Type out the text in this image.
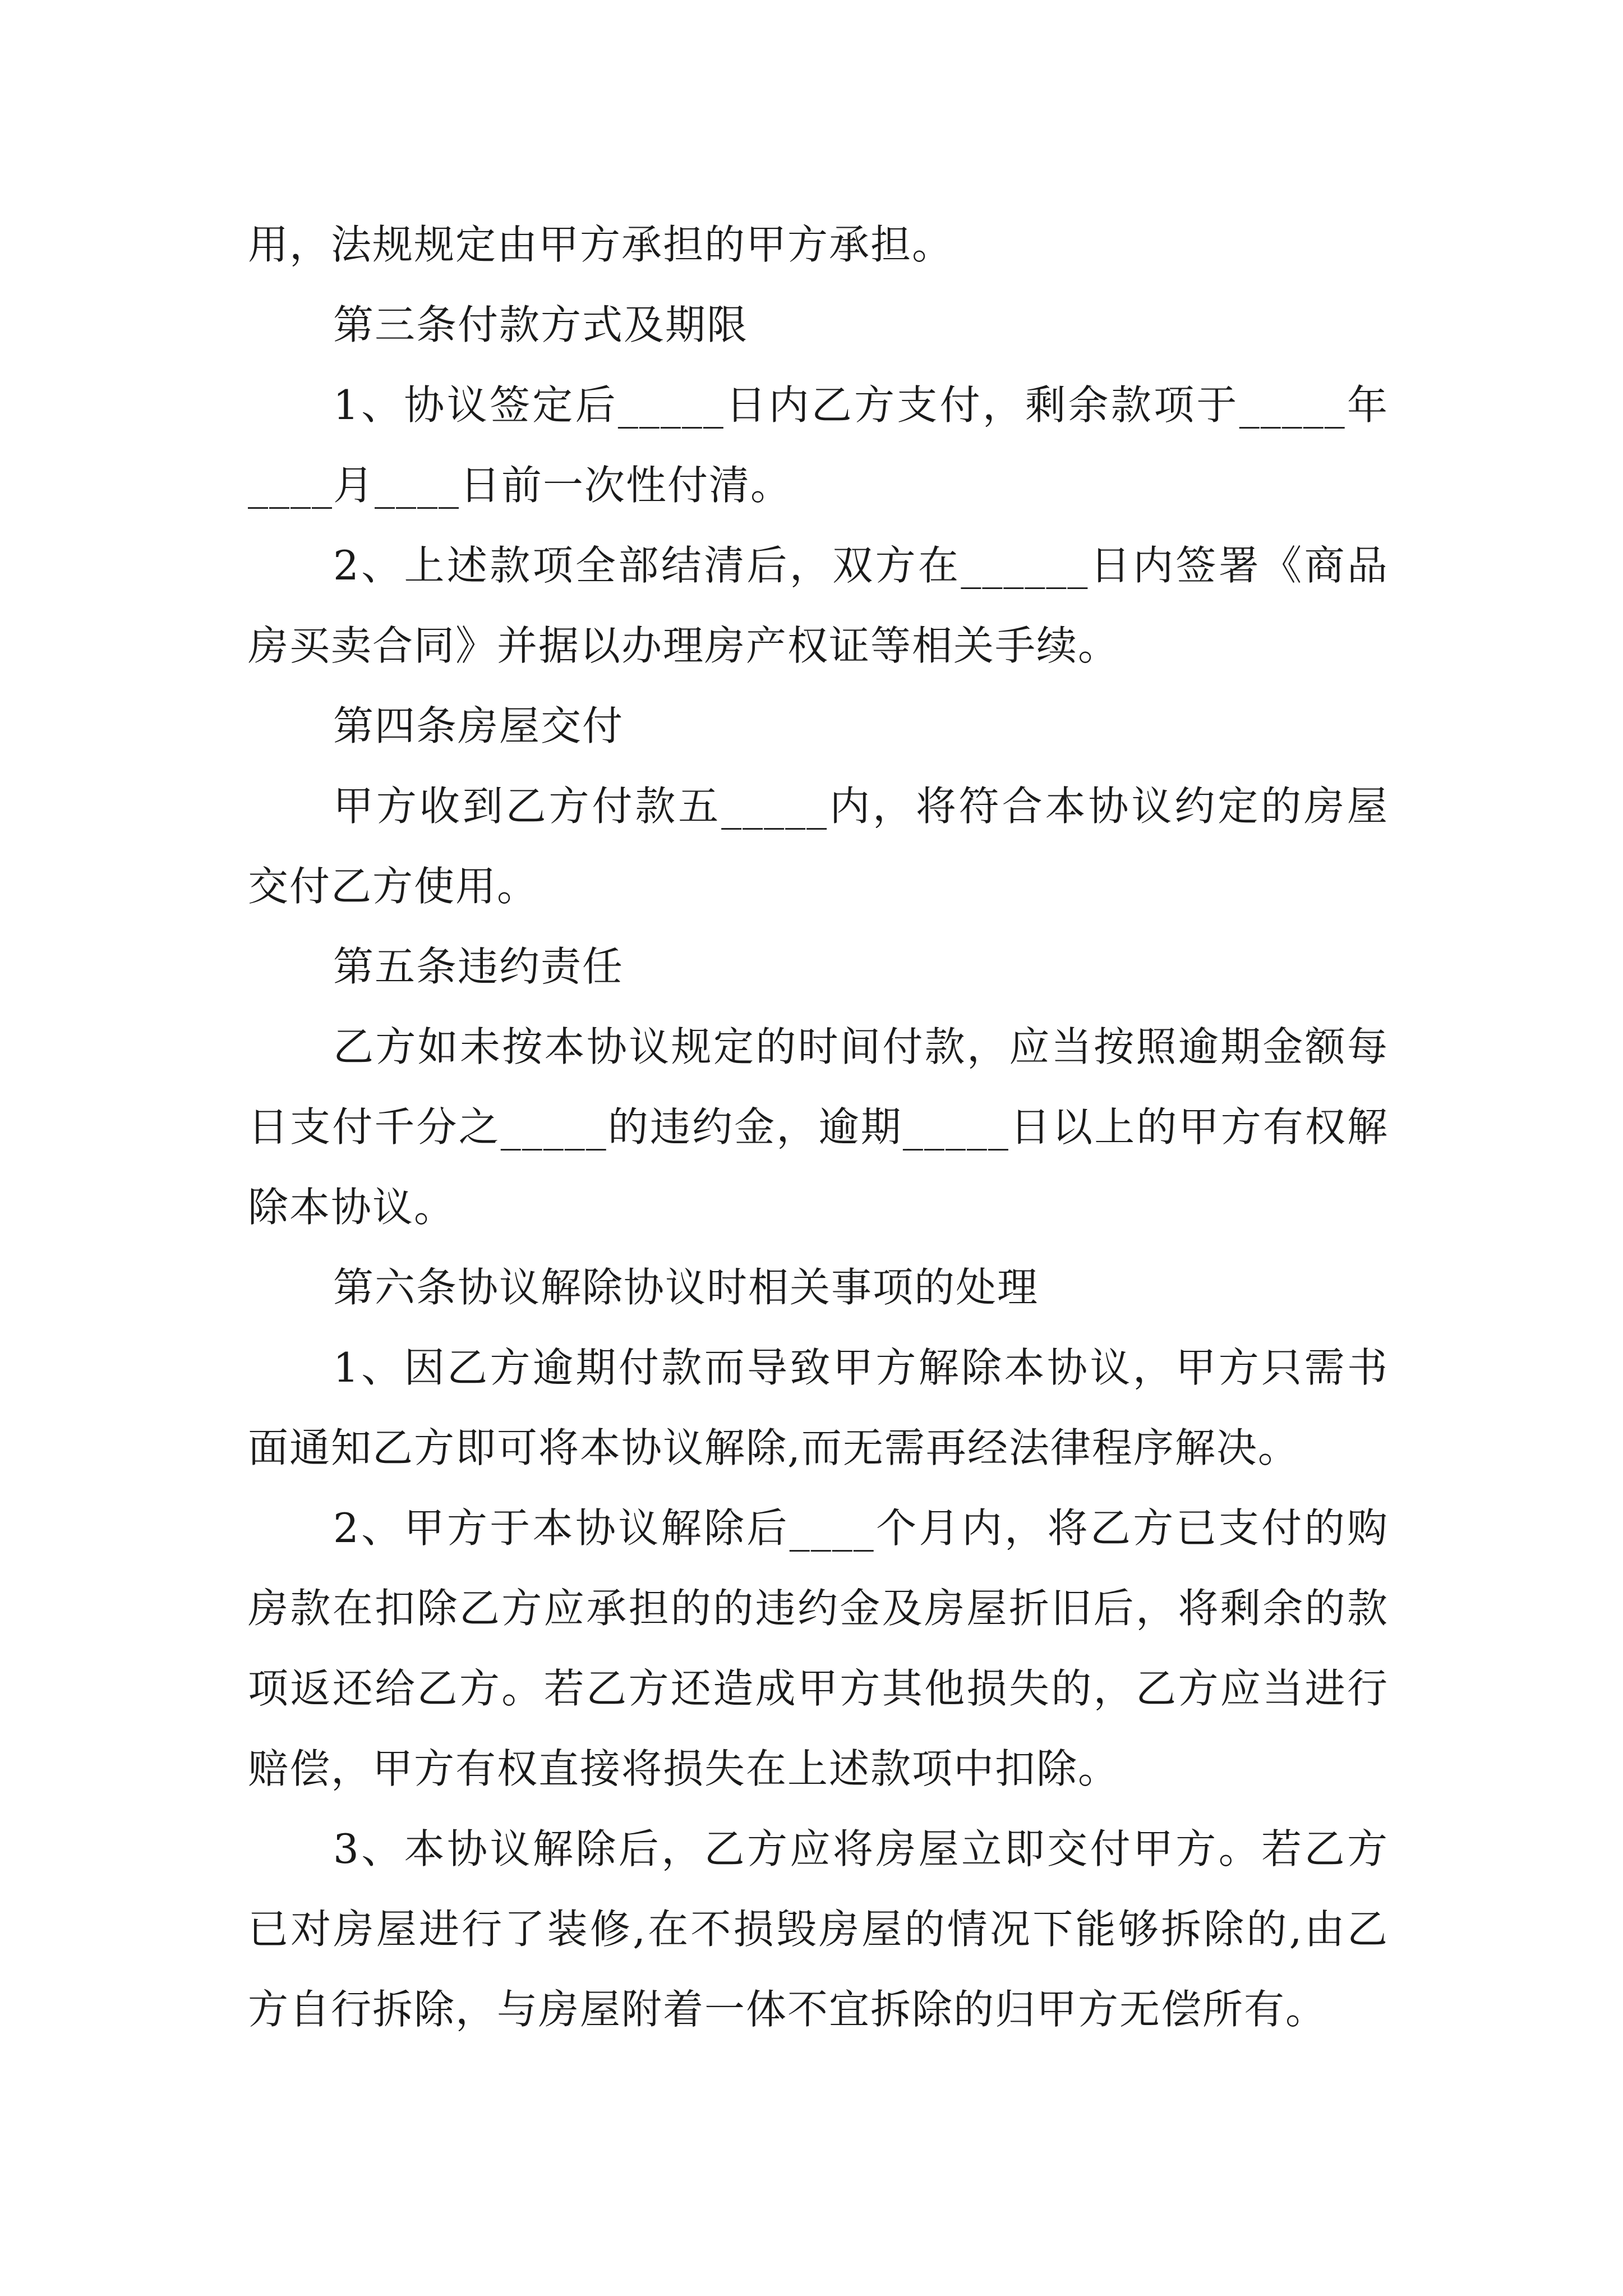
用，法规规定由甲方承担的甲方承担。

第三条付款方式及期限

1、协议签定后_____日内乙方支付，剩余款项于_____年____月____日前一次性付清。

2、上述款项全部结清后，双方在______日内签署《商品房买卖合同》并据以办理房产权证等相关手续。

第四条房屋交付

甲方收到乙方付款五_____内，将符合本协议约定的房屋交付乙方使用。

第五条违约责任

乙方如未按本协议规定的时间付款，应当按照逾期金额每日支付千分之_____的违约金，逾期_____日以上的甲方有权解除本协议。

第六条协议解除协议时相关事项的处理

1、因乙方逾期付款而导致甲方解除本协议，甲方只需书面通知乙方即可将本协议解除,而无需再经法律程序解决。

2、甲方于本协议解除后____个月内，将乙方已支付的购房款在扣除乙方应承担的的违约金及房屋折旧后，将剩余的款项返还给乙方。若乙方还造成甲方其他损失的，乙方应当进行赔偿，甲方有权直接将损失在上述款项中扣除。

3、本协议解除后，乙方应将房屋立即交付甲方。若乙方已对房屋进行了装修,在不损毁房屋的情况下能够拆除的,由乙方自行拆除，与房屋附着一体不宜拆除的归甲方无偿所有。
